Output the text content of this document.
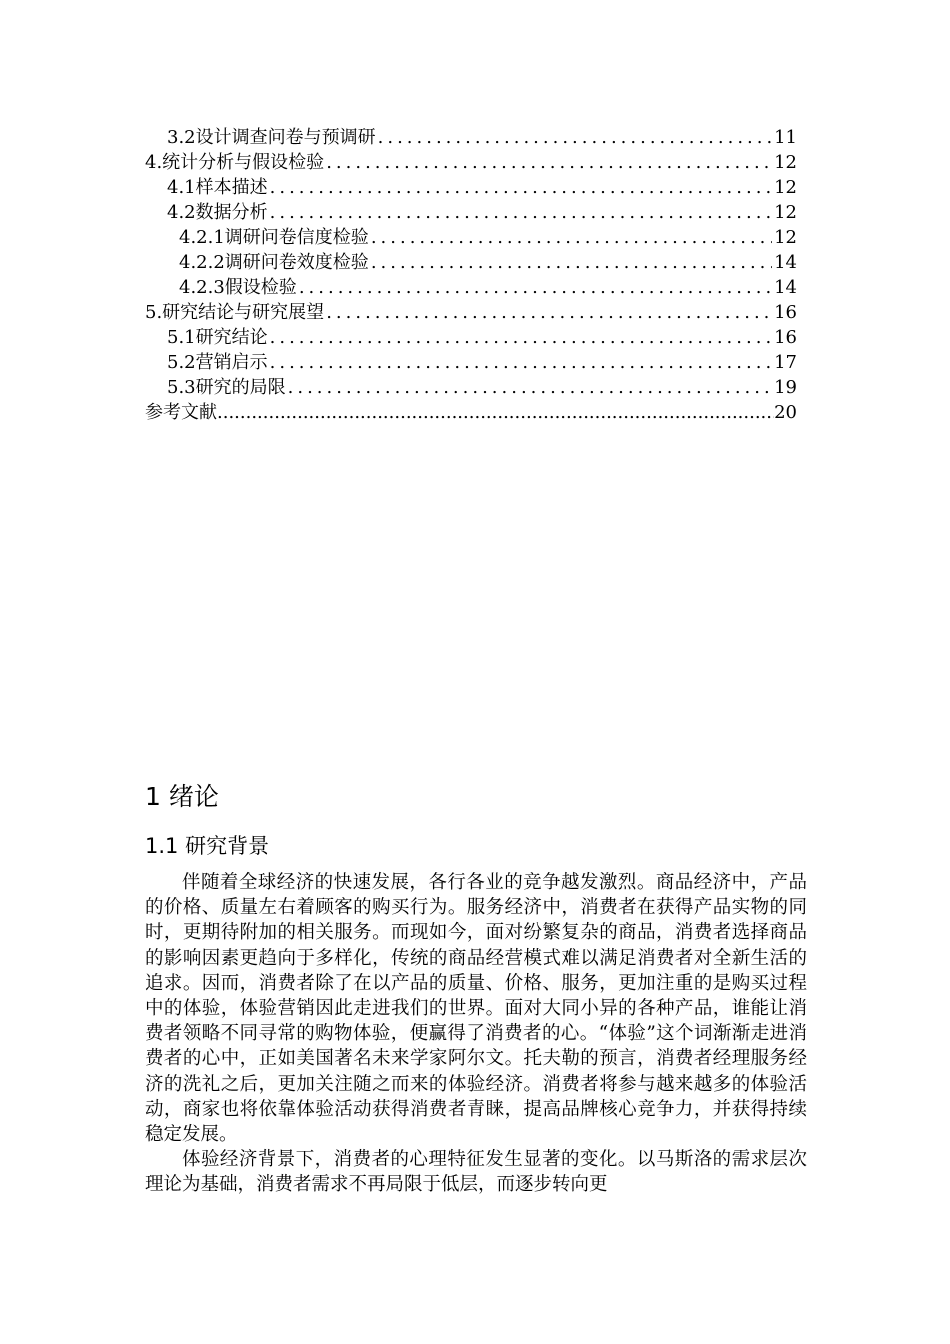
3.2设计调查问卷与预调研 .....	11
4.统计分析与假设检验 .....	12
4.1样本描述 .....	12
4.2数据分析 .....	12
4.2.1调研问卷信度检验 .....	12
4.2.2调研问卷效度检验 .....	14
4.2.3假设检验 .....	14
5.研究结论与研究展望 .....	16
5.1研究结论 .....	16
5.2营销启示 .....	17
5.3研究的局限 .....	19
参考文献 .....	20
1 绪论
1.1 研究背景

伴随着全球经济的快速发展，各行各业的竞争越发激烈。商品经济中，产品的价格、质量左右着顾客的购买行为。服务经济中，消费者在获得产品实物的同时，更期待附加的相关服务。而现如今，面对纷繁复杂的商品，消费者选择商品的影响因素更趋向于多样化，传统的商品经营模式难以满足消费者对全新生活的追求。因而，消费者除了在以产品的质量、价格、服务，更加注重的是购买过程中的体验，体验营销因此走进我们的世界。面对大同小异的各种产品，谁能让消费者领略不同寻常的购物体验，便赢得了消费者的心。“体验”这个词渐渐走进消费者的心中，正如美国著名未来学家阿尔文。托夫勒的预言，消费者经理服务经济的洗礼之后，更加关注随之而来的体验经济。消费者将参与越来越多的体验活动，商家也将依靠体验活动获得消费者青睐，提高品牌核心竞争力，并获得持续稳定发展。

体验经济背景下，消费者的心理特征发生显著的变化。以马斯洛的需求层次理论为基础，消费者需求不再局限于低层，而逐步转向更
